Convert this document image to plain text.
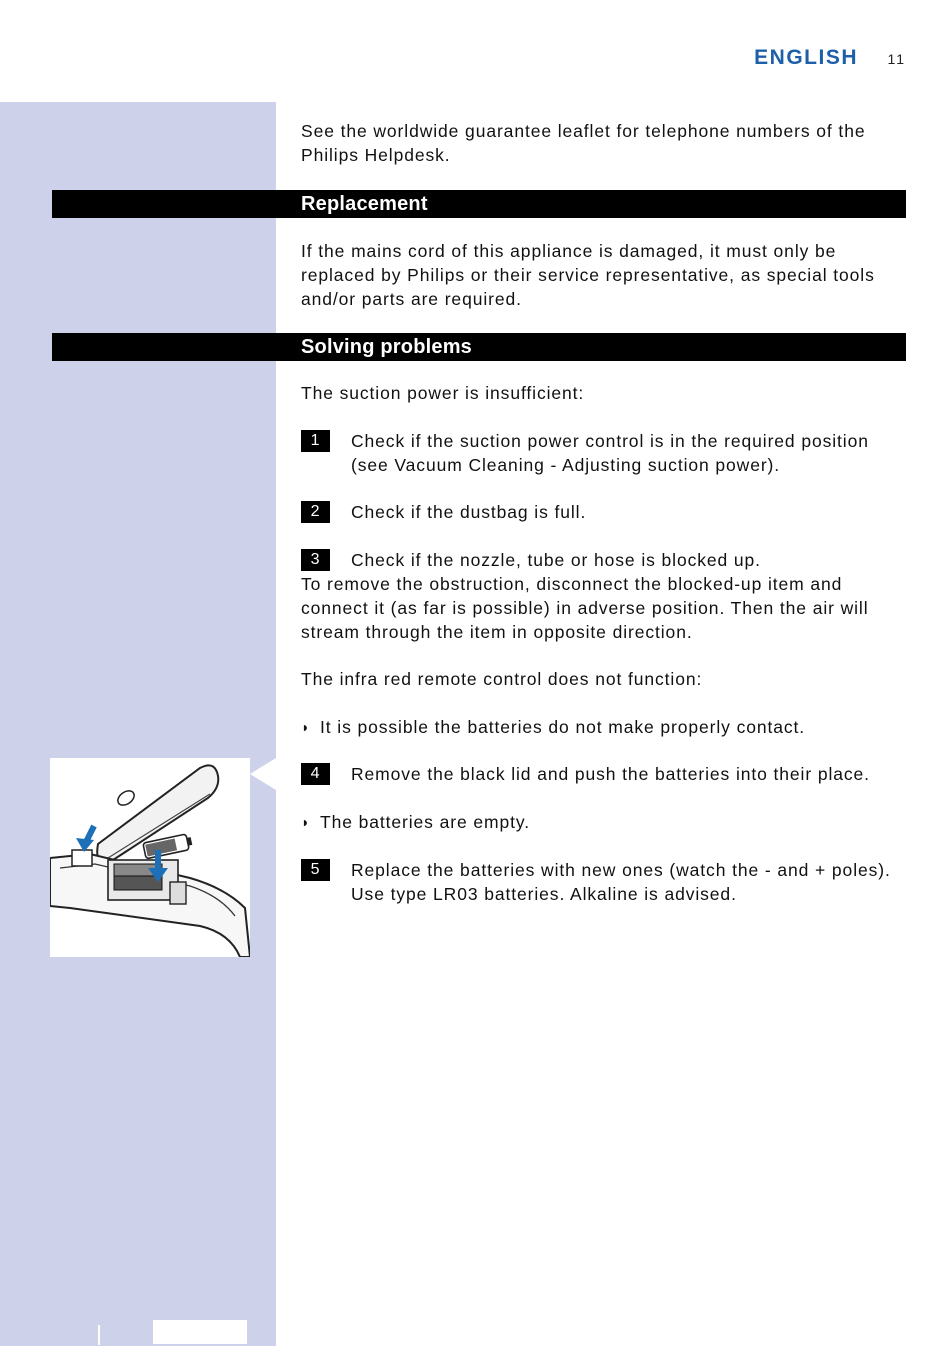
ENGLISH	11
See the worldwide guarantee leaflet for telephone numbers of the Philips Helpdesk.
Replacement
If the mains cord of this appliance is damaged, it must only be replaced by Philips or their service representative, as special tools and/or parts are required.
Solving problems
The suction power is insufficient:
1	Check if the suction power control is in the required position (see Vacuum Cleaning - Adjusting suction power).
2	Check if the dustbag is full.
3	Check if the nozzle, tube or hose is blocked up.
To remove the obstruction, disconnect the blocked-up item and connect it (as far is possible) in adverse position. Then the air will stream through the item in opposite direction.
The infra red remote control does not function:
◗ It is possible the batteries do not make properly contact.
4	Remove the black lid and push the batteries into their place.
◗ The batteries are empty.
5	Replace the batteries with new ones (watch the - and + poles). Use type LR03 batteries. Alkaline is advised.
